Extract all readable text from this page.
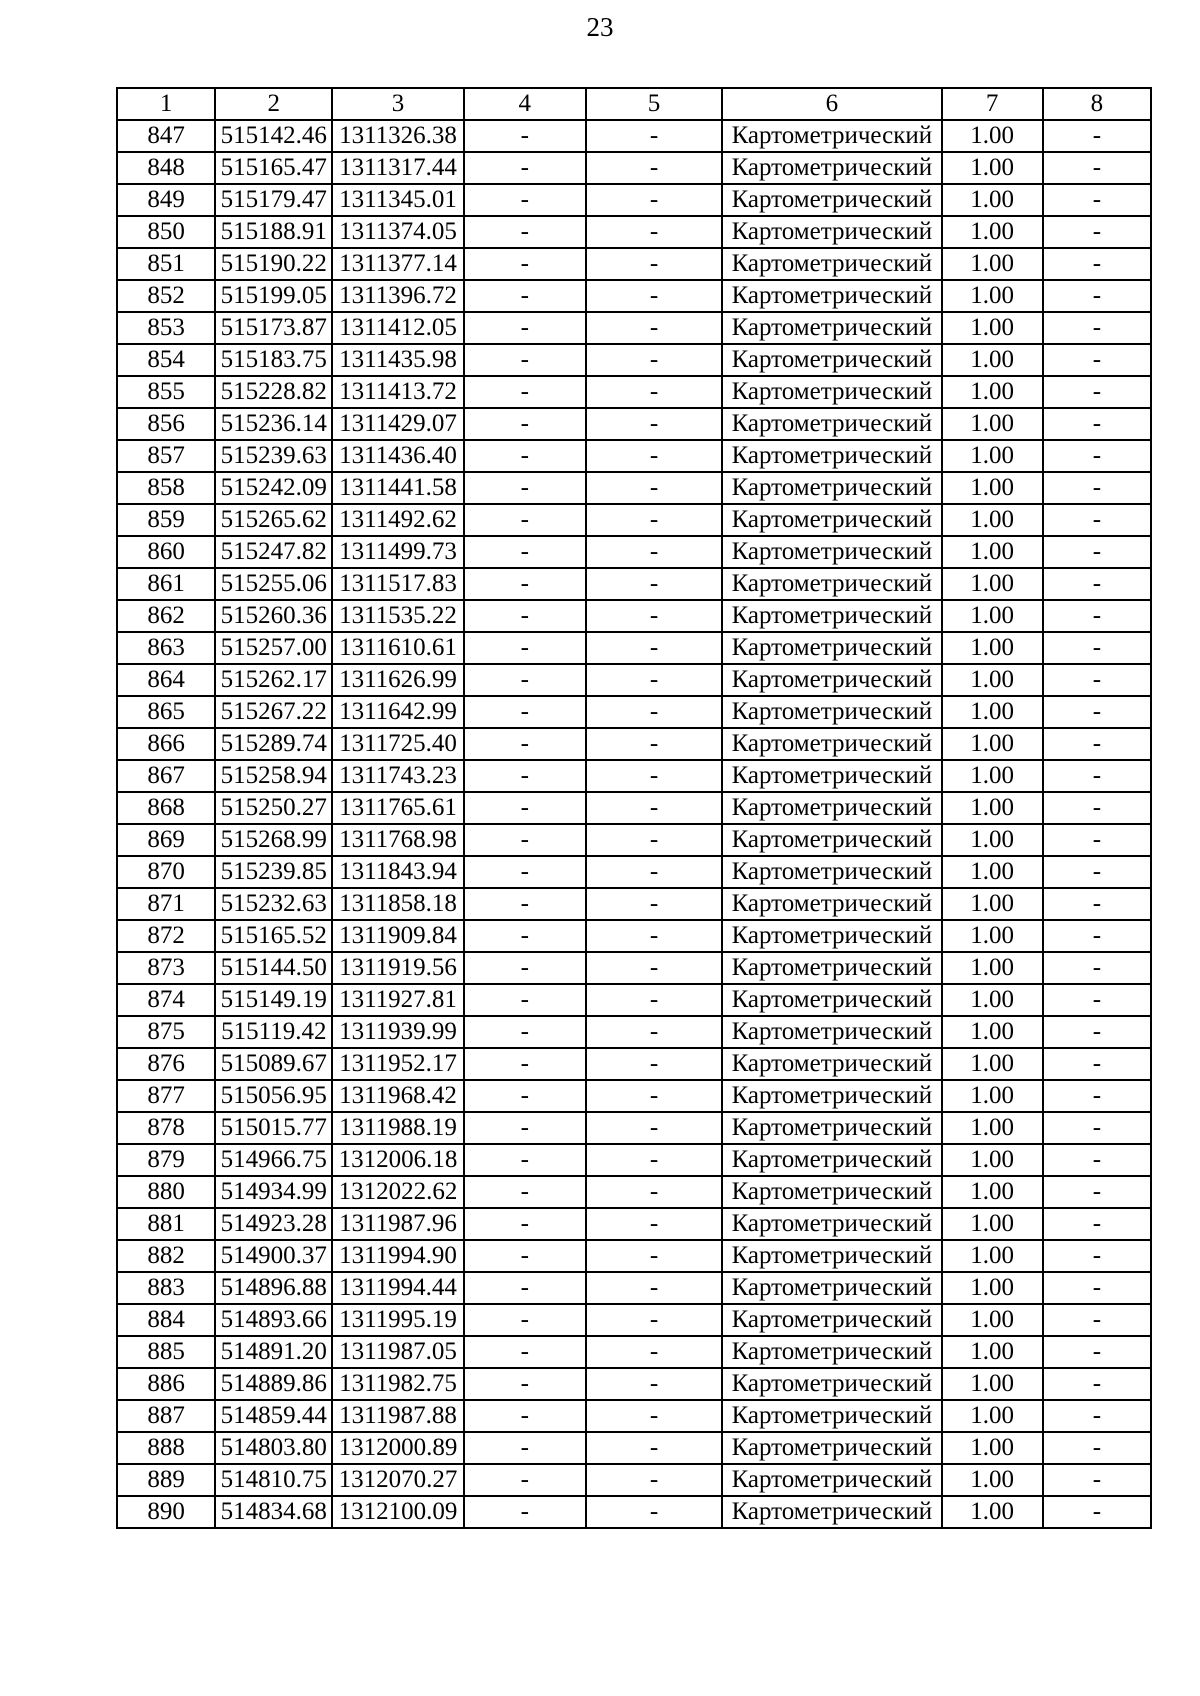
23
1	2	3	4	5	6	7	8
847	515142.46	1311326.38	-	-	Картометрический	1.00	-
848	515165.47	1311317.44	-	-	Картометрический	1.00	-
849	515179.47	1311345.01	-	-	Картометрический	1.00	-
850	515188.91	1311374.05	-	-	Картометрический	1.00	-
851	515190.22	1311377.14	-	-	Картометрический	1.00	-
852	515199.05	1311396.72	-	-	Картометрический	1.00	-
853	515173.87	1311412.05	-	-	Картометрический	1.00	-
854	515183.75	1311435.98	-	-	Картометрический	1.00	-
855	515228.82	1311413.72	-	-	Картометрический	1.00	-
856	515236.14	1311429.07	-	-	Картометрический	1.00	-
857	515239.63	1311436.40	-	-	Картометрический	1.00	-
858	515242.09	1311441.58	-	-	Картометрический	1.00	-
859	515265.62	1311492.62	-	-	Картометрический	1.00	-
860	515247.82	1311499.73	-	-	Картометрический	1.00	-
861	515255.06	1311517.83	-	-	Картометрический	1.00	-
862	515260.36	1311535.22	-	-	Картометрический	1.00	-
863	515257.00	1311610.61	-	-	Картометрический	1.00	-
864	515262.17	1311626.99	-	-	Картометрический	1.00	-
865	515267.22	1311642.99	-	-	Картометрический	1.00	-
866	515289.74	1311725.40	-	-	Картометрический	1.00	-
867	515258.94	1311743.23	-	-	Картометрический	1.00	-
868	515250.27	1311765.61	-	-	Картометрический	1.00	-
869	515268.99	1311768.98	-	-	Картометрический	1.00	-
870	515239.85	1311843.94	-	-	Картометрический	1.00	-
871	515232.63	1311858.18	-	-	Картометрический	1.00	-
872	515165.52	1311909.84	-	-	Картометрический	1.00	-
873	515144.50	1311919.56	-	-	Картометрический	1.00	-
874	515149.19	1311927.81	-	-	Картометрический	1.00	-
875	515119.42	1311939.99	-	-	Картометрический	1.00	-
876	515089.67	1311952.17	-	-	Картометрический	1.00	-
877	515056.95	1311968.42	-	-	Картометрический	1.00	-
878	515015.77	1311988.19	-	-	Картометрический	1.00	-
879	514966.75	1312006.18	-	-	Картометрический	1.00	-
880	514934.99	1312022.62	-	-	Картометрический	1.00	-
881	514923.28	1311987.96	-	-	Картометрический	1.00	-
882	514900.37	1311994.90	-	-	Картометрический	1.00	-
883	514896.88	1311994.44	-	-	Картометрический	1.00	-
884	514893.66	1311995.19	-	-	Картометрический	1.00	-
885	514891.20	1311987.05	-	-	Картометрический	1.00	-
886	514889.86	1311982.75	-	-	Картометрический	1.00	-
887	514859.44	1311987.88	-	-	Картометрический	1.00	-
888	514803.80	1312000.89	-	-	Картометрический	1.00	-
889	514810.75	1312070.27	-	-	Картометрический	1.00	-
890	514834.68	1312100.09	-	-	Картометрический	1.00	-
